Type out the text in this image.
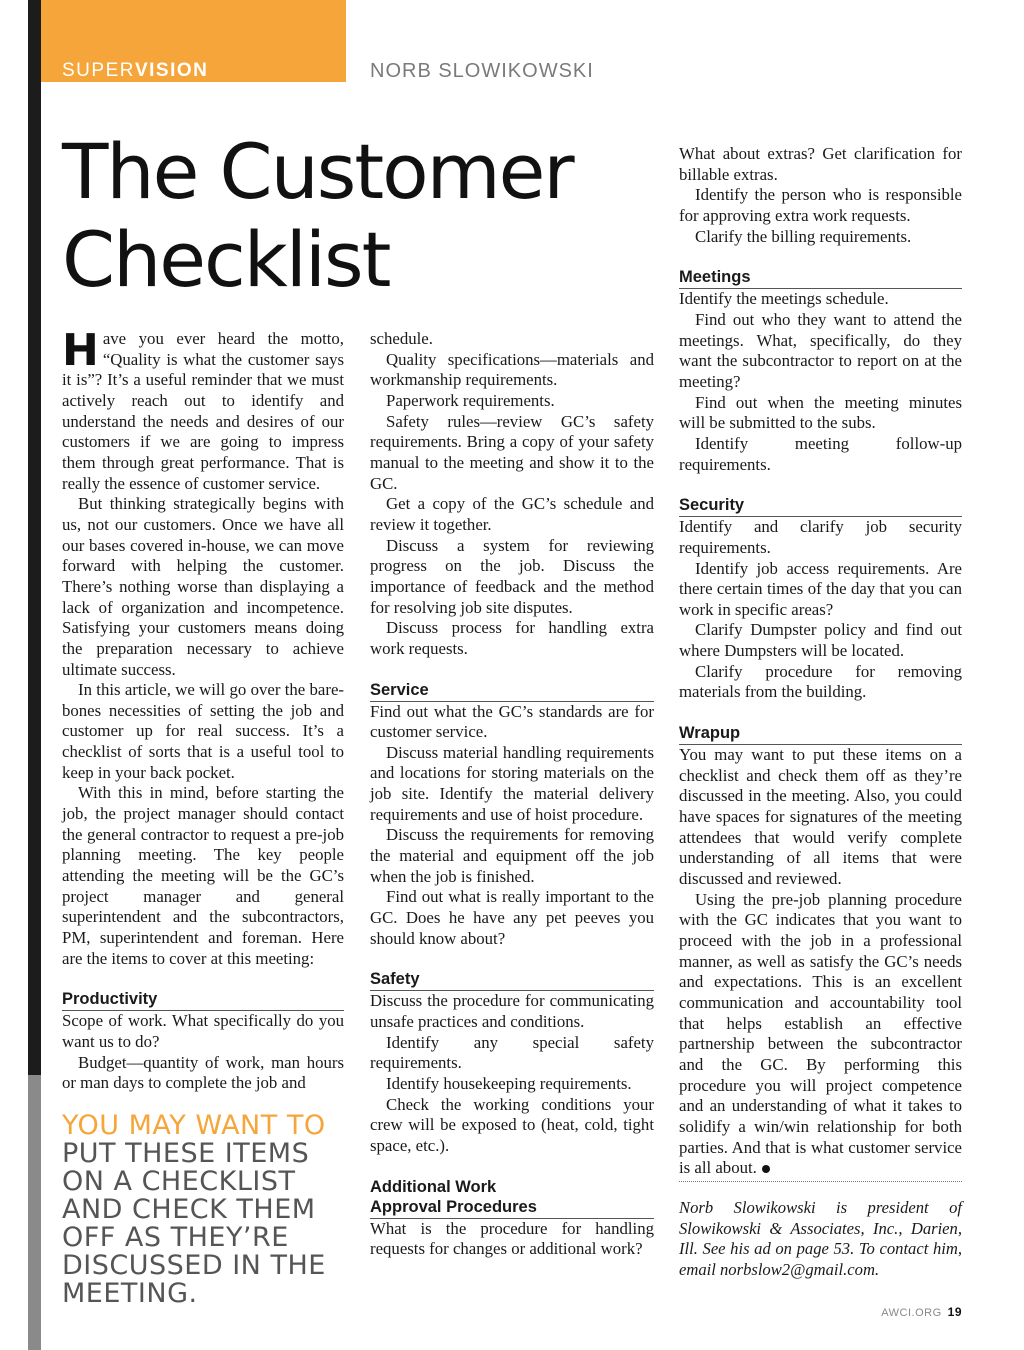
SUPERVISION	NORB SLOWIKOWSKI
The Customer
Checklist

Have you ever heard the motto, “Quality is what the customer says it is”? It’s a useful reminder that we must actively reach out to identify and understand the needs and desires of our customers if we are going to impress them through great performance. That is really the essence of customer service.

But thinking strategically begins with us, not our customers. Once we have all our bases covered in-house, we can move forward with helping the customer. There’s nothing worse than displaying a lack of organization and incompetence. Satisfying your customers means doing the preparation necessary to achieve ultimate success.

In this article, we will go over the bare-bones necessities of setting the job and customer up for real success. It’s a checklist of sorts that is a useful tool to keep in your back pocket.

With this in mind, before starting the job, the project manager should contact the general contractor to request a pre-job planning meeting. The key people attending the meeting will be the GC’s project manager and general superintendent and the subcontractors, PM, superintendent and foreman. Here are the items to cover at this meeting:

Productivity

Scope of work. What specifically do you want us to do?

Budget—quantity of work, man hours or man days to complete the job and

YOU MAY WANT TO PUT THESE ITEMS ON A CHECKLIST AND CHECK THEM OFF AS THEY’RE DISCUSSED IN THE MEETING.

schedule.

Quality specifications—materials and workmanship requirements.

Paperwork requirements.

Safety rules—review GC’s safety requirements. Bring a copy of your safety manual to the meeting and show it to the GC.

Get a copy of the GC’s schedule and review it together.

Discuss a system for reviewing progress on the job. Discuss the importance of feedback and the method for resolving job site disputes.

Discuss process for handling extra work requests.

Service

Find out what the GC’s standards are for customer service.

Discuss material handling requirements and locations for storing materials on the job site. Identify the material delivery requirements and use of hoist procedure.

Discuss the requirements for removing the material and equipment off the job when the job is finished.

Find out what is really important to the GC. Does he have any pet peeves you should know about?

Safety

Discuss the procedure for communicating unsafe practices and conditions.

Identify any special safety requirements.

Identify housekeeping requirements.

Check the working conditions your crew will be exposed to (heat, cold, tight space, etc.).

Additional Work
Approval Procedures

What is the procedure for handling requests for changes or additional work?

What about extras? Get clarification for billable extras.

Identify the person who is responsible for approving extra work requests.

Clarify the billing requirements.

Meetings

Identify the meetings schedule.

Find out who they want to attend the meetings. What, specifically, do they want the subcontractor to report on at the meeting?

Find out when the meeting minutes will be submitted to the subs.

Identify meeting follow-up requirements.

Security

Identify and clarify job security requirements.

Identify job access requirements. Are there certain times of the day that you can work in specific areas?

Clarify Dumpster policy and find out where Dumpsters will be located.

Clarify procedure for removing materials from the building.

Wrapup

You may want to put these items on a checklist and check them off as they’re discussed in the meeting. Also, you could have spaces for signatures of the meeting attendees that would verify complete understanding of all items that were discussed and reviewed.

Using the pre-job planning procedure with the GC indicates that you want to proceed with the job in a professional manner, as well as satisfy the GC’s needs and expectations. This is an excellent communication and accountability tool that helps establish an effective partnership between the subcontractor and the GC. By performing this procedure you will project competence and an understanding of what it takes to solidify a win/win relationship for both parties. And that is what customer service is all about.

Norb Slowikowski is president of Slowikowski & Associates, Inc., Darien, Ill. See his ad on page 53. To contact him, email norbslow2@gmail.com.
AWCI.ORG 19
